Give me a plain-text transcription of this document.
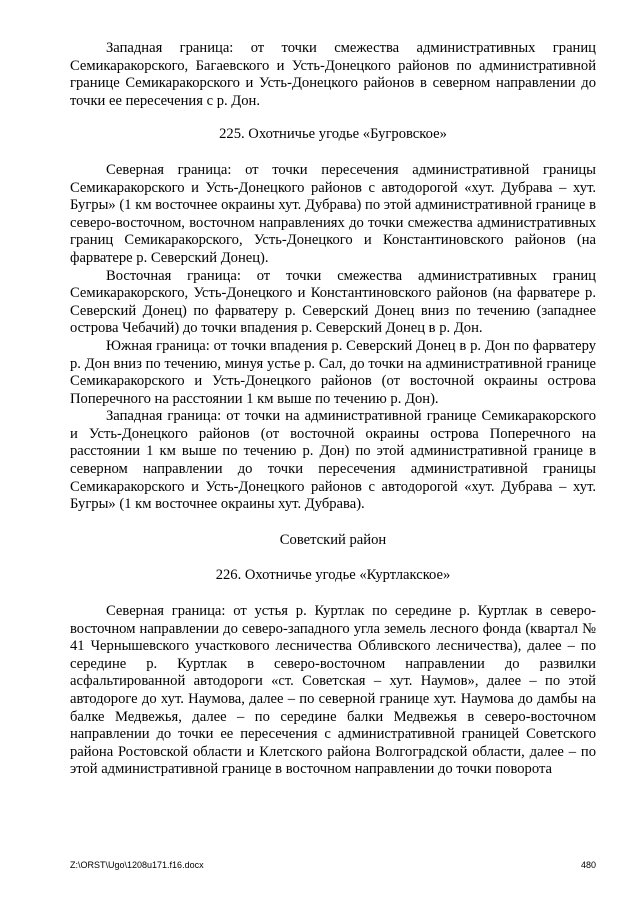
Западная граница: от точки смежества административных границ Семикаракорского, Багаевского и Усть-Донецкого районов по административной границе Семикаракорского и Усть-Донецкого районов в северном направлении до точки ее пересечения с р. Дон.

225. Охотничье угодье «Бугровское»

Северная граница: от точки пересечения административной границы Семикаракорского и Усть-Донецкого районов с автодорогой «хут. Дубрава – хут. Бугры» (1 км восточнее окраины хут. Дубрава) по этой административной границе в северо-восточном, восточном направлениях до точки смежества административных границ Семикаракорского, Усть-Донецкого и Константиновского районов (на фарватере р. Северский Донец).

Восточная граница: от точки смежества административных границ Семикаракорского, Усть-Донецкого и Константиновского районов (на фарватере р. Северский Донец) по фарватеру р. Северский Донец вниз по течению (западнее острова Чебачий) до точки впадения р. Северский Донец в р. Дон.

Южная граница: от точки впадения р. Северский Донец в р. Дон по фарватеру р. Дон вниз по течению, минуя устье р. Сал, до точки на административной границе Семикаракорского и Усть-Донецкого районов (от восточной окраины острова Поперечного на расстоянии 1 км выше по течению р. Дон).

Западная граница: от точки на административной границе Семикаракорского и Усть-Донецкого районов (от восточной окраины острова Поперечного на расстоянии 1 км выше по течению р. Дон) по этой административной границе в северном направлении до точки пересечения административной границы Семикаракорского и Усть-Донецкого районов с автодорогой «хут. Дубрава – хут. Бугры» (1 км восточнее окраины хут. Дубрава).

Советский район

226. Охотничье угодье «Куртлакское»

Северная граница: от устья р. Куртлак по середине р. Куртлак в северо-восточном направлении до северо-западного угла земель лесного фонда (квартал № 41 Чернышевского участкового лесничества Обливского лесничества), далее – по середине р. Куртлак в северо-восточном направлении до развилки асфальтированной автодороги «ст. Советская – хут. Наумов», далее – по этой автодороге до хут. Наумова, далее – по северной границе хут. Наумова до дамбы на балке Медвежья, далее – по середине балки Медвежья в северо-восточном направлении до точки ее пересечения с административной границей Советского района Ростовской области и Клетского района Волгоградской области, далее – по этой административной границе в восточном направлении до точки поворота

Z:\ORST\Ugo\1208u171.f16.docx	480
